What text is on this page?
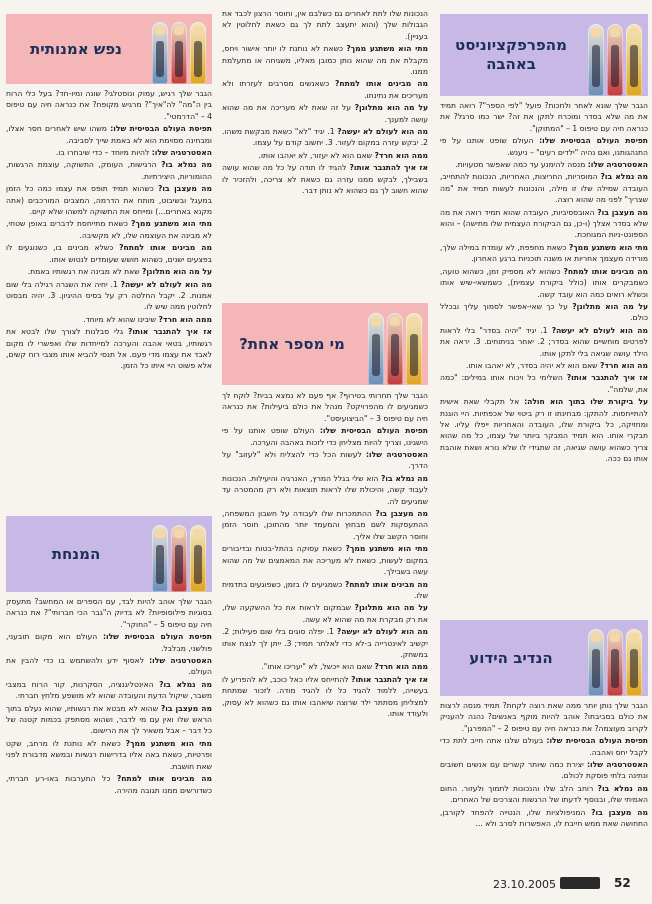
מהפרפקציוניסט באהבה

הגבר שלך שונא לאחר ולחכות? פועל "לפי הספר"? רואה תמיד את מה שלא בסדר ומוכרח לתקן את זה? ישר כמו סרגל? את כנראה חיה עם טיפוס 1 – "המתוקן".

תפיסת העולם הבסיסית שלו: העולם שופט אותנו על פי התנהגותנו, ואם נהיה "ילדים רעים" – ניענש.

האסטרטגיה שלו: מנסה להימנע עד כמה שאפשר מטעויות.

מה נמלא בו? המוסריות, החריצות, האחריות, הנכונות להתחייב, העובדה שמילה שלו זו מילה, והנכונות לעשות תמיד את "מה שצריך" לפני מה שהוא רוצה.

מה מעצבן בו? האובססיביות, העובדה שהוא תמיד רואה את מה שלא בסדר אצלך (ו-כן, גם הביקורת העצמית שלו מתישה) – והוא הספונט-ניות המגוחכת.

מתי הוא משתגע ממך? כשאת מחפפת, לא עומדת במילה שלך, מורידה מעצמך אחריות או משנה תוכניות ברגע האחרון.

מה מבינים אותו למתח? כשהוא לא מספיק זמן, כשהוא טועה, כשמבקרים אותו (כולל ביקורת עצמית), כשמשאי-שיש אותו וכשלא רואים כמה הוא עובד קשה.

על מה הוא מתלונן? על כך שאי-אפשר לסמוך עליך ובכלל כולם.

מה הוא לעולם לא יעשה? 1. יגיד "יהיה בסדר" בלי לראות לפרטים מוחשיים שהוא בסדר; 2. יאחר בניתוחים. 3. יראה את הילד עושה שגיאה בלי לתקן אותו.

מה הוא חרד? שאם הוא לא יהיה בסדר, לא יאהבו אותו.

אז איך להתגבר אותו? השלימי כל ויכוח אותו במילים: "כמה את, שלמה".

על ביקורת שלו בתוך הוא חולה: אל תקבלי שאת אישית להתייחסות. להתקן: מבחינתו זו רק ביטוי של אכפתיות. היי הוגנת ומחזיקה, כל ביקורת שלו, העובדה והאחריות ייפלו עליו. אל תבקרי אותו. הוא תמיד המבקר ביותר של עצמו, כל מה שהוא צריך כשהוא עושה שגיאה, זה שתגידי לו שלא נורא ושאת אוהבת אותו גם ככה.

הנדיב הידוע

הגבר שלך נותן יותר ממה שאת רוצה לקחת? תמיד מנסה לרצות את כולם בסביבתו? אוהב להיות מוקף באנשים? נהנה להעניק לקרוב מעוצמה? את כנראה חיה עם טיפוס 2 – "המפרגן".

תפיסת העולם הבסיסית שלו: בעולם שלנו אתה חייב לתת כדי לקבל יחס ואהבה.

האסטרטגיה שלו: יצירת כמה שיותר קשרים עם אנשים חשובים ונתינה בלתי פוסקת לכולם.

מה נמלא בו? רוחב הלב שלו והנכונות לתמוך ולעזור. החום האמיתי שלו, ובנוסף לדעתו של הרגשות והצרכים של האחרים.

מה מעצבן בו? המניפולציות שלו, הנטייה להפחד לקורבן, התחושה שאת ממש חייבת לו, האפשרות לסרב ולא ...

הנכונות שלו לתת לאחרים גם כשלבם אין, וחוסר הרצון לכבד את הגבולות שלך (והוא יתעצב לתת לך גם כשאת לחלוטין לא בעניין).

מתי הוא משתגע ממך? כשאת לא נותנת לו יותר אישור ויחס, מקבלת את מה שהוא נותן כמובן מאליו, משגיחה או מתעלמת ממנו.

מה מבינים אותו למתח? כשאנשים מסרבים לעזרתו ולא מעריכים את נתינתו.

על מה הוא מתלונן? על זה שאת לא מעריכה את מה שהוא עושה למענך.

מה הוא לעולם לא יעשה? 1. יגיד "לא" כשאת מבקשת משהו. 2. יבקש עזרה במקום לעזור. 3. יחשוב קודם על עצמו.

ממה הוא חרד? שאם הוא לא יעזור, לא יאהבו אותו.

אז איך להתגבר אותו? להגיד לו תודה על כל מה שהוא עושה בשבילך, לבקש ממנו עזרה גם כשאת לא צריכה, ולהזכיר לו שהוא חשוב לך גם כשהוא לא נותן דבר.

מי מספר אחת?

הגבר שלך תחרותי בטירוף? אף פעם לא נמצא בבית? לוקח לך כשמגיעים לו מהפרויקט? מנהל את כולם ביעילות? את כנראה חיה עם טיפוס 3 – "הביצועיסט".

תפיסת העולם הבסיסית שלו: העולם שופט אותנו על פי הישגינו, וצריך להיות מצליחן כדי לזכות באהבה והערכה.

האסטרטגיה שלו: לעשות הכל כדי להצליח ולא "לעזוב" על הדרך.

מה נמלא בו? הוא שלי בגלל המרץ, האנרגיה והיעילות. הנכונות לעבוד קשה, והיכולת שלו לראות תוצאות ולא רק מהמטרה עד שמגיעים לה.

מה מעצבן בו? ההתמכרות שלו לעבודה על חשבון המשפחה, ההתעסקות לשם מבחוץ והמעמד יותר מהתוכן, חוסר הזמן וחוסר הקשב שלו אליך.

מתי הוא משתגע ממך? כשאת עסוקה בהתל-בטות ובדיבורים במקום לעשות, כשאת לא מעריכה את המאמצים של מה שהוא עשה בשבילך.

מה מבינים אותו למתח? כשמגיעים לו בזמן, כשפוגעים בתדמית שלו.

על מה הוא מתלונן? שבמקום לראות את כל ההשקעה שלו, את רק מבקרת את מה שהוא לא עשה.

מה הוא לעולם לא יעשה? 1. יפלה סוגים בלי שום פעילות; 2. יקשיב לאינטרייה ב-לא כדי לאלתר תמיד; 3. ייתן לך לנצח אותו במשחק.

ממה הוא חרד? שאם הוא ייכשל, לא "יעריכו אותו".

אז איך להתגבר אותו? להתייחס אליו כאל כוכב, לא להפריע לו בעשייה, ללמוד להגיד כל לו להגיד מודה. לזכור שמתחת למצליחן מסתתר ילד שרוצה שיאהבו אותו גם כשהוא לא עסוק, ולעודד אותו.

נפש אמנותית

הגבר שלך רגיש, עמוק ונוסטלגי? שונה ומיו-חד? בעל כלי הרוח בין ה"מה" לה"איך"? מרגיש מקופח? את כנראה חיה עם טיפוס 4 – "הדרמטי".

תפיסת העולם הבסיסית שלו: משהו שיש לאחרים חסר אצלו, ומבחינה מסוימת הוא לא באמת שייך לסביבה.

האסטרטגיה שלו: להיות מיוחד – כדי שיבחרו בו.

מה נמלא בו? הרגישות, העומק, התשוקה, עוצמת הרגשות, ההומוריות, היצירתיות.

מה מעצבן בו? כשהוא תמיד תופס את עצמו כמה כל הזמן במעגל ובשיבוט, מותח את הדרמה, המצבים המורכבים (אתה מקנא באחרים...) ומייחס את התשוקה למשהו שלא קיים.

מתי הוא משתגע ממך? כשאת מתייחסת לדברים באופן שטחי, לא מבינה את העוצמה שלו, לא מקשיבה.

מה מבינים אותו למתח? כשלא מבינים בו, כשנוגעים לו בפצעים ישנים, כשהוא חושש שעומדים לנטוש אותו.

על מה הוא מתלונן? שאת לא מבינה את רגשותיו באמת.

מה הוא לעולם לא יעשה? 1. יחיה את השגרה רגילה בלי שום אמנות. 2. יקבל החלטה רק על בסיס ההיגיון. 3. יהיה מבסוט לחלוטין ממה שיש לו.

ממה הוא חרד? שיבינו שהוא לא מיוחד.

אז איך להתגבר אותו? גלי סבלנות לצורך שלו לבטא את רגשותיו, בטאי אהבה והערכה למייחדות שלו ואפשרי לו מקום לאבד את עצמו מדי פעם. אל תנסי להביא אותו מצבי רוח קשים, אלא פשוט היי איתו כל הזמן.

המנחת

הגבר שלך אוהב להיות לבד, עם הספרים או המחשב? מתעסק בסוגיות פילוסופיות? לא בדיוק ה"גבר הכי חברותי"? את כנראה חיה עם טיפוס 5 – "החוקר".

תפיסת העולם הבסיסית שלו: העולם הוא מקום תובעני, פולשני, מבלבל.

האסטרטגיה שלו: לאסוף ידע ולהשתמש בו כדי להבין את העולם.

מה נמלא בו? האינטליגנציה, הסקרנות, קור הרוח במצבי משבר, שיקול הדעת והעובדה שהוא לא מושפע מלחץ חברתי.

מה מעצבן בו? שהוא לא מבטא את רגשותיו, שהוא נעלם בתוך הראש שלו ואין עם מי לדבר, ושהוא מסתפק בכמות קטנה של כל דבר – אבל משאיר לך את הרישום.

מתי הוא משתגע ממך? כשאת לא נותנת לו מרחב, שקט ופרטיות, כשאת באה אליו בדרישות רגשיות ובמשא מדבורת לפני שאת חושבת.

מה מבינים אותו למתח? כל התערבות באו-רע חברתי, כשדורשים ממנו תגובה מהירה.

23.10.2005	52
